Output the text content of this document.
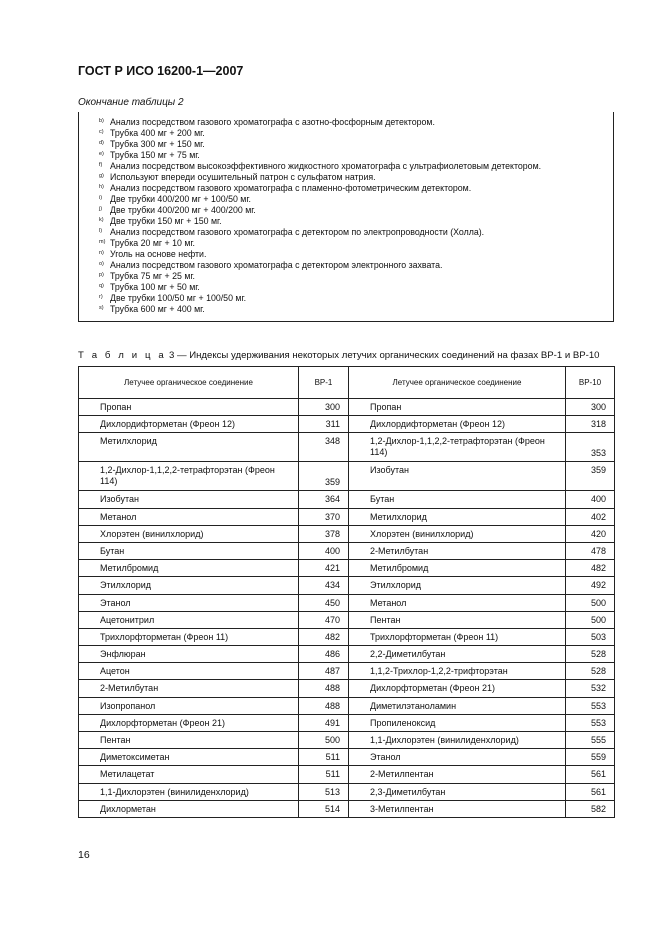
ГОСТ Р ИСО 16200-1—2007
Окончание таблицы 2
$^{b)}$ Анализ посредством газового хроматографа с азотно-фосфорным детектором.
$^{c)}$ Трубка 400 мг + 200 мг.
$^{d)}$ Трубка 300 мг + 150 мг.
$^{e)}$ Трубка 150 мг + 75 мг.
$^{f)}$ Анализ посредством высокоэффективного жидкостного хроматографа с ультрафиолетовым детектором.
$^{g)}$ Используют впереди осушительный патрон с сульфатом натрия.
$^{h)}$ Анализ посредством газового хроматографа с пламенно-фотометрическим детектором.
$^{i)}$ Две трубки 400/200 мг + 100/50 мг.
$^{j)}$ Две трубки 400/200 мг + 400/200 мг.
$^{k)}$ Две трубки 150 мг + 150 мг.
$^{l)}$ Анализ посредством газового хроматографа с детектором по электропроводности (Холла).
$^{m)}$ Трубка 20 мг + 10 мг.
$^{n)}$ Уголь на основе нефти.
$^{o)}$ Анализ посредством газового хроматографа с детектором электронного захвата.
$^{p)}$ Трубка 75 мг + 25 мг.
$^{q)}$ Трубка 100 мг + 50 мг.
$^{r)}$ Две трубки 100/50 мг + 100/50 мг.
$^{s)}$ Трубка 600 мг + 400 мг.
Т а б л и ц а 3 — Индексы удерживания некоторых летучих органических соединений на фазах ВР-1 и ВР-10
Летучее органическое соединение	ВР-1	Летучее органическое соединение	ВР-10
Пропан	300	Пропан	300
Дихлордифторметан (Фреон 12)	311	Дихлордифторметан (Фреон 12)	318
Метилхлорид	348	1,2-Дихлор-1,1,2,2-тетрафторэтан (Фреон 114)	353
1,2-Дихлор-1,1,2,2-тетрафторэтан (Фреон 114)	359	Изобутан	359
Изобутан	364	Бутан	400
Метанол	370	Метилхлорид	402
Хлорэтен (винилхлорид)	378	Хлорэтен (винилхлорид)	420
Бутан	400	2-Метилбутан	478
Метилбромид	421	Метилбромид	482
Этилхлорид	434	Этилхлорид	492
Этанол	450	Метанол	500
Ацетонитрил	470	Пентан	500
Трихлорфторметан (Фреон 11)	482	Трихлорфторметан (Фреон 11)	503
Энфлюран	486	2,2-Диметилбутан	528
Ацетон	487	1,1,2-Трихлор-1,2,2-трифторэтан	528
2-Метилбутан	488	Дихлорфторметан (Фреон 21)	532
Изопропанол	488	Диметилэтаноламин	553
Дихлорфторметан (Фреон 21)	491	Пропиленоксид	553
Пентан	500	1,1-Дихлорэтен (винилиденхлорид)	555
Диметоксиметан	511	Этанол	559
Метилацетат	511	2-Метилпентан	561
1,1-Дихлорэтен (винилиденхлорид)	513	2,3-Диметилбутан	561
Дихлорметан	514	3-Метилпентан	582
16
